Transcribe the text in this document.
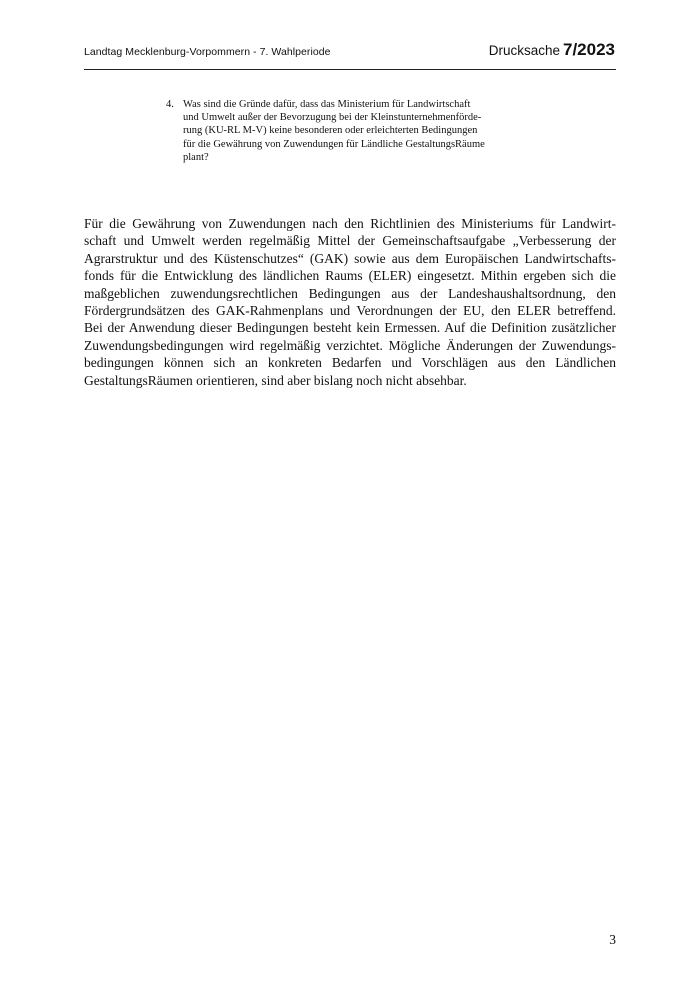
Landtag Mecklenburg-Vorpommern - 7. Wahlperiode	Drucksache 7/2023
4. Was sind die Gründe dafür, dass das Ministerium für Landwirtschaft
und Umwelt außer der Bevorzugung bei der Kleinstunternehmenförde-
rung (KU-RL M-V) keine besonderen oder erleichterten Bedingungen
für die Gewährung von Zuwendungen für Ländliche GestaltungsRäume
plant?
Für die Gewährung von Zuwendungen nach den Richtlinien des Ministeriums für Landwirt-
schaft und Umwelt werden regelmäßig Mittel der Gemeinschaftsaufgabe „Verbesserung der
Agrarstruktur und des Küstenschutzes“ (GAK) sowie aus dem Europäischen Landwirtschafts-
fonds für die Entwicklung des ländlichen Raums (ELER) eingesetzt. Mithin ergeben sich die
maßgeblichen zuwendungsrechtlichen Bedingungen aus der Landeshaushaltsordnung, den
Fördergrundsätzen des GAK-Rahmenplans und Verordnungen der EU, den ELER betreffend.
Bei der Anwendung dieser Bedingungen besteht kein Ermessen. Auf die Definition zusätzlicher
Zuwendungsbedingungen wird regelmäßig verzichtet. Mögliche Änderungen der Zuwendungs-
bedingungen können sich an konkreten Bedarfen und Vorschlägen aus den Ländlichen
GestaltungsRäumen orientieren, sind aber bislang noch nicht absehbar.
3
